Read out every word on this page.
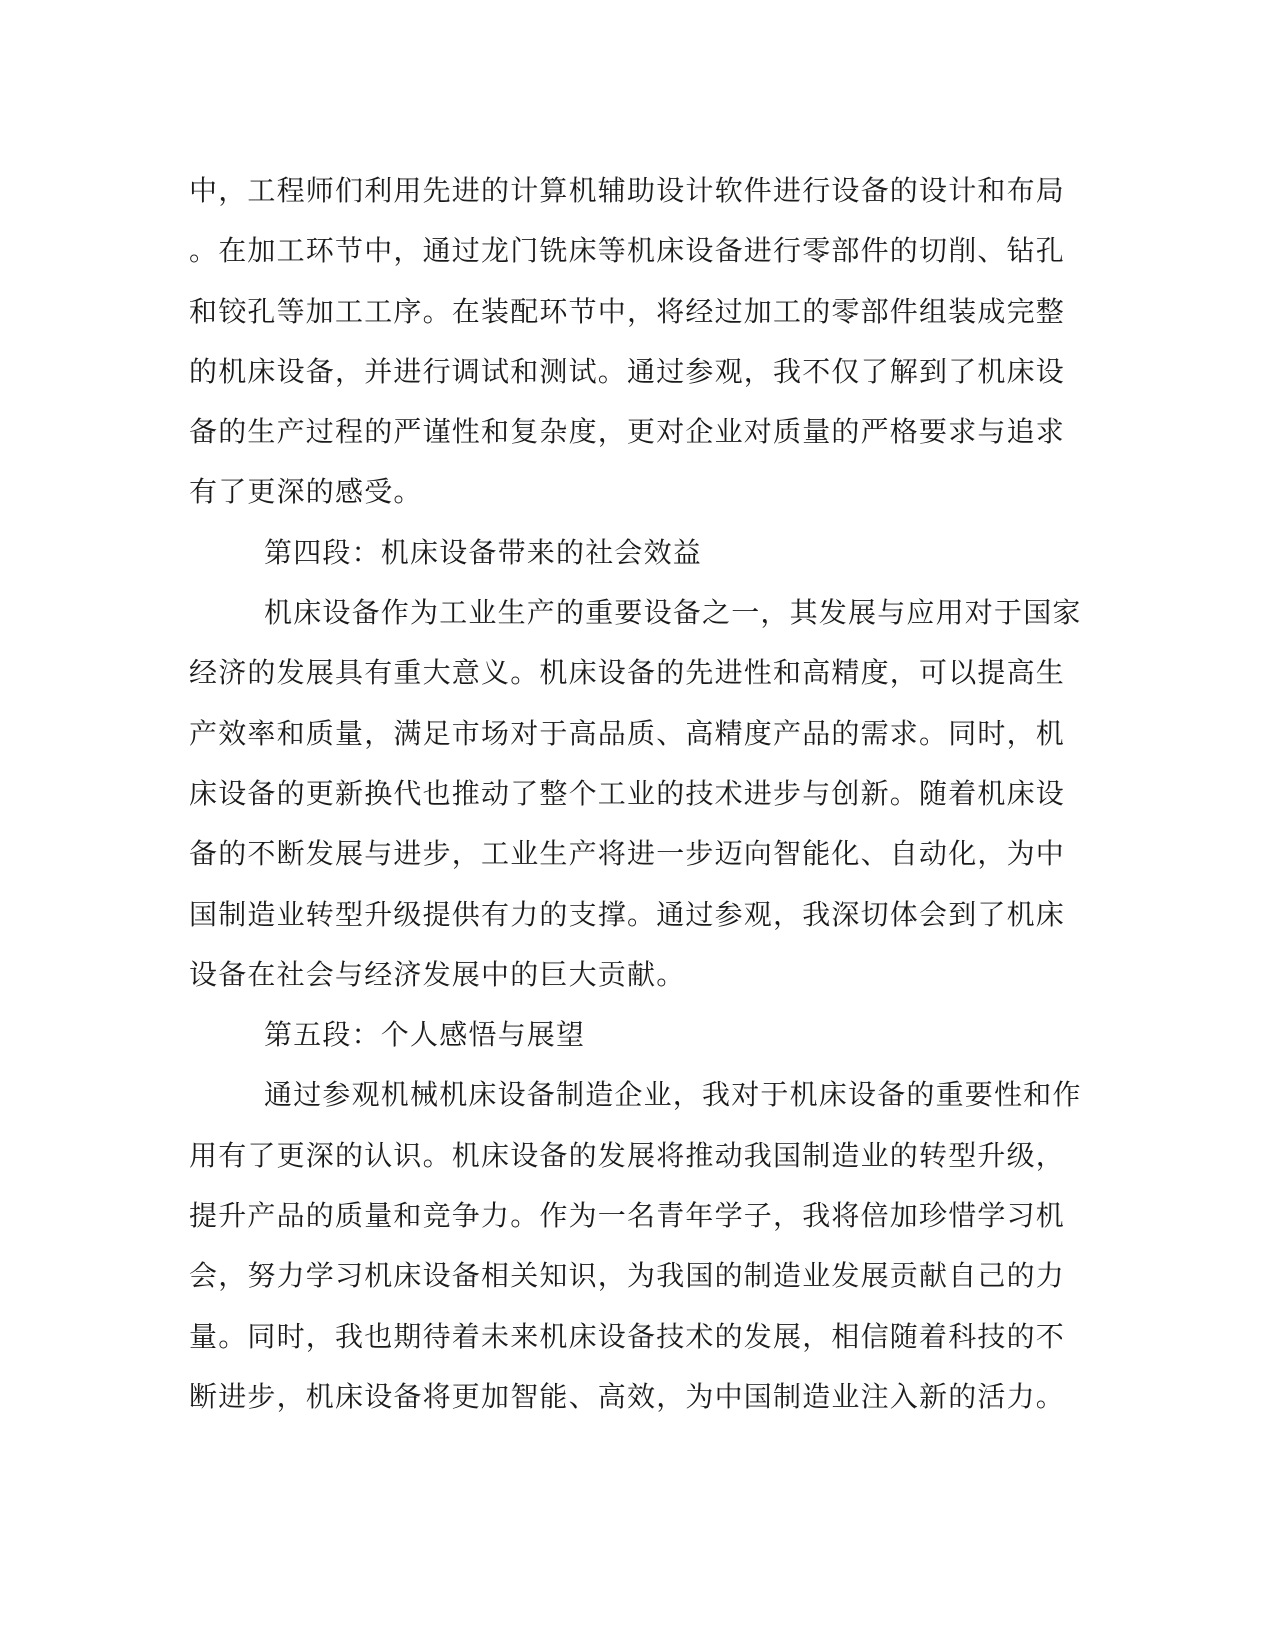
中，工程师们利用先进的计算机辅助设计软件进行设备的设计和布局
。在加工环节中，通过龙门铣床等机床设备进行零部件的切削、钻孔
和铰孔等加工工序。在装配环节中，将经过加工的零部件组装成完整
的机床设备，并进行调试和测试。通过参观，我不仅了解到了机床设
备的生产过程的严谨性和复杂度，更对企业对质量的严格要求与追求
有了更深的感受。
第四段：机床设备带来的社会效益
机床设备作为工业生产的重要设备之一，其发展与应用对于国家
经济的发展具有重大意义。机床设备的先进性和高精度，可以提高生
产效率和质量，满足市场对于高品质、高精度产品的需求。同时，机
床设备的更新换代也推动了整个工业的技术进步与创新。随着机床设
备的不断发展与进步，工业生产将进一步迈向智能化、自动化，为中
国制造业转型升级提供有力的支撑。通过参观，我深切体会到了机床
设备在社会与经济发展中的巨大贡献。
第五段：个人感悟与展望
通过参观机械机床设备制造企业，我对于机床设备的重要性和作
用有了更深的认识。机床设备的发展将推动我国制造业的转型升级，
提升产品的质量和竞争力。作为一名青年学子，我将倍加珍惜学习机
会，努力学习机床设备相关知识，为我国的制造业发展贡献自己的力
量。同时，我也期待着未来机床设备技术的发展，相信随着科技的不
断进步，机床设备将更加智能、高效，为中国制造业注入新的活力。
